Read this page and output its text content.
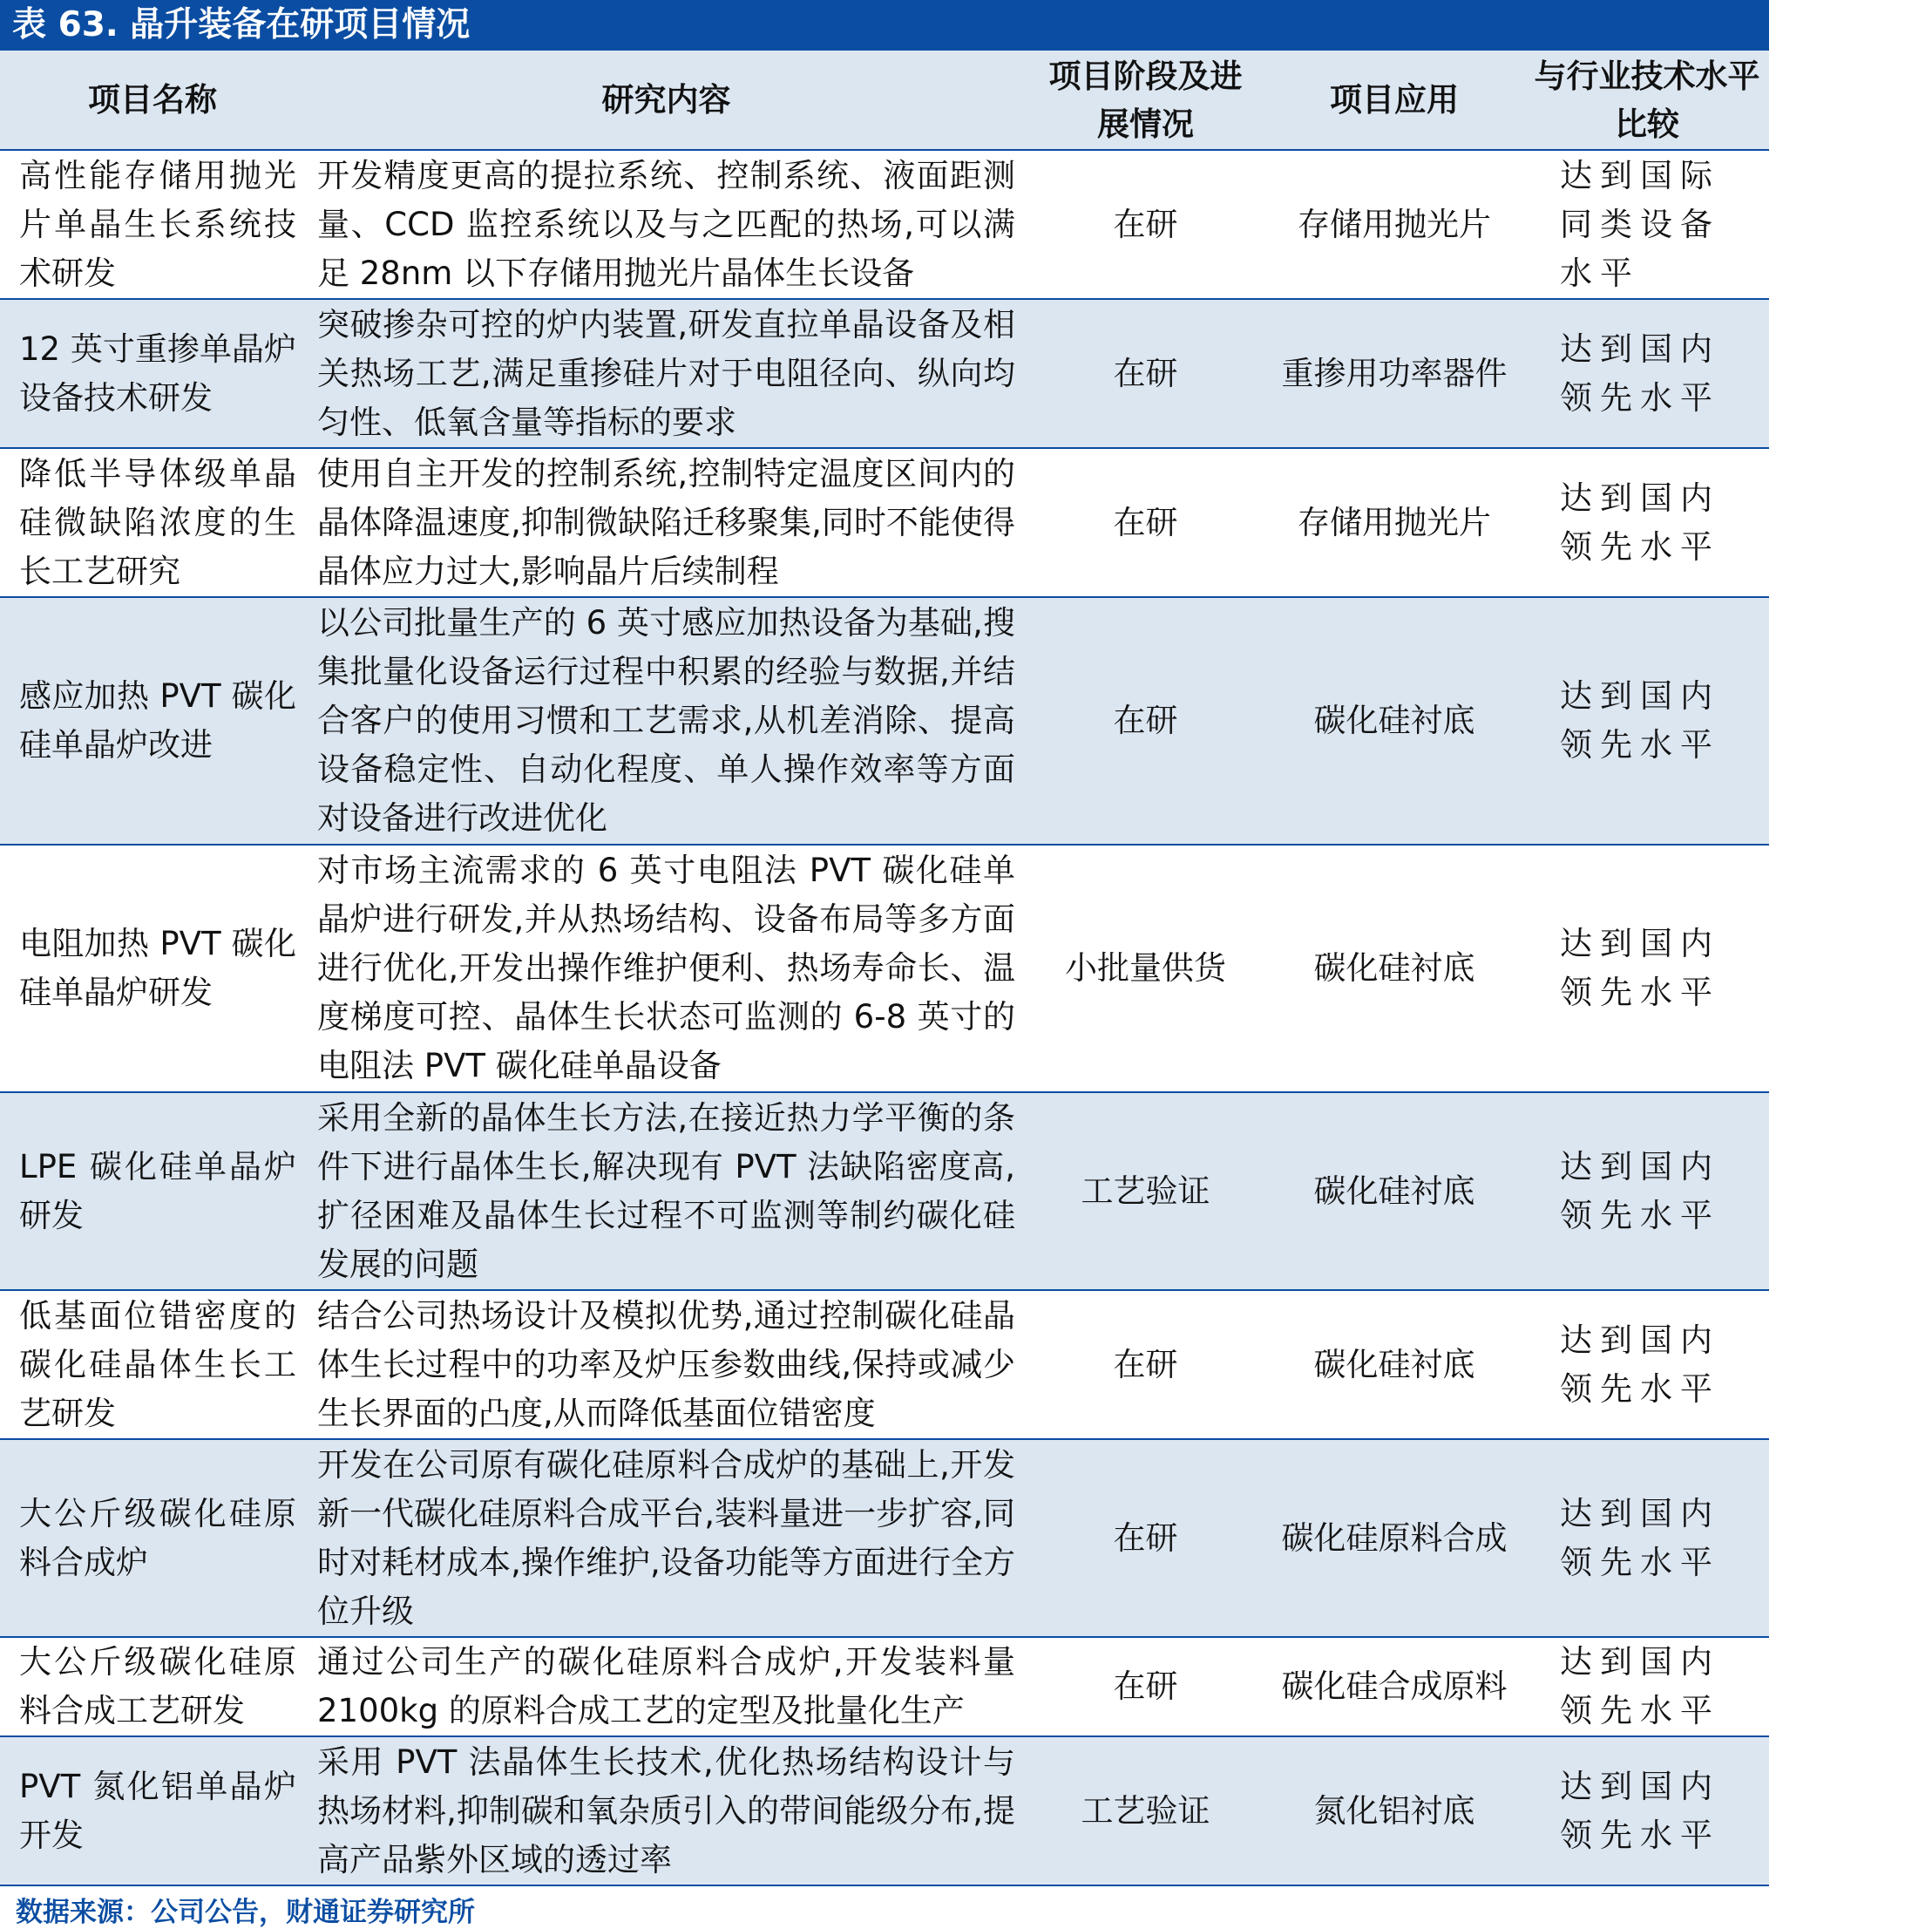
表 63. 晶升装备在研项目情况
项目名称	研究内容	项目阶段及进展情况	项目应用	与行业技术水平比较
高性能存储用抛光片单晶生长系统技术研发	开发精度更高的提拉系统、控制系统、液面距测量、CCD 监控系统以及与之匹配的热场,可以满足 28nm 以下存储用抛光片晶体生长设备	在研	存储用抛光片	达到国际同类设备水平
12 英寸重掺单晶炉设备技术研发	突破掺杂可控的炉内装置,研发直拉单晶设备及相关热场工艺,满足重掺硅片对于电阻径向、纵向均匀性、低氧含量等指标的要求	在研	重掺用功率器件	达到国内领先水平
降低半导体级单晶硅微缺陷浓度的生长工艺研究	使用自主开发的控制系统,控制特定温度区间内的晶体降温速度,抑制微缺陷迁移聚集,同时不能使得晶体应力过大,影响晶片后续制程	在研	存储用抛光片	达到国内领先水平
感应加热 PVT 碳化硅单晶炉改进	以公司批量生产的 6 英寸感应加热设备为基础,搜集批量化设备运行过程中积累的经验与数据,并结合客户的使用习惯和工艺需求,从机差消除、提高设备稳定性、自动化程度、单人操作效率等方面对设备进行改进优化	在研	碳化硅衬底	达到国内领先水平
电阻加热 PVT 碳化硅单晶炉研发	对市场主流需求的 6 英寸电阻法 PVT 碳化硅单晶炉进行研发,并从热场结构、设备布局等多方面进行优化,开发出操作维护便利、热场寿命长、温度梯度可控、晶体生长状态可监测的 6-8 英寸的电阻法 PVT 碳化硅单晶设备	小批量供货	碳化硅衬底	达到国内领先水平
LPE 碳化硅单晶炉研发	采用全新的晶体生长方法,在接近热力学平衡的条件下进行晶体生长,解决现有 PVT 法缺陷密度高,扩径困难及晶体生长过程不可监测等制约碳化硅发展的问题	工艺验证	碳化硅衬底	达到国内领先水平
低基面位错密度的碳化硅晶体生长工艺研发	结合公司热场设计及模拟优势,通过控制碳化硅晶体生长过程中的功率及炉压参数曲线,保持或减少生长界面的凸度,从而降低基面位错密度	在研	碳化硅衬底	达到国内领先水平
大公斤级碳化硅原料合成炉	开发在公司原有碳化硅原料合成炉的基础上,开发新一代碳化硅原料合成平台,装料量进一步扩容,同时对耗材成本,操作维护,设备功能等方面进行全方位升级	在研	碳化硅原料合成	达到国内领先水平
大公斤级碳化硅原料合成工艺研发	通过公司生产的碳化硅原料合成炉,开发装料量 2100kg 的原料合成工艺的定型及批量化生产	在研	碳化硅合成原料	达到国内领先水平
PVT 氮化铝单晶炉开发	采用 PVT 法晶体生长技术,优化热场结构设计与热场材料,抑制碳和氧杂质引入的带间能级分布,提高产品紫外区域的透过率	工艺验证	氮化铝衬底	达到国内领先水平
数据来源：公司公告，财通证券研究所
